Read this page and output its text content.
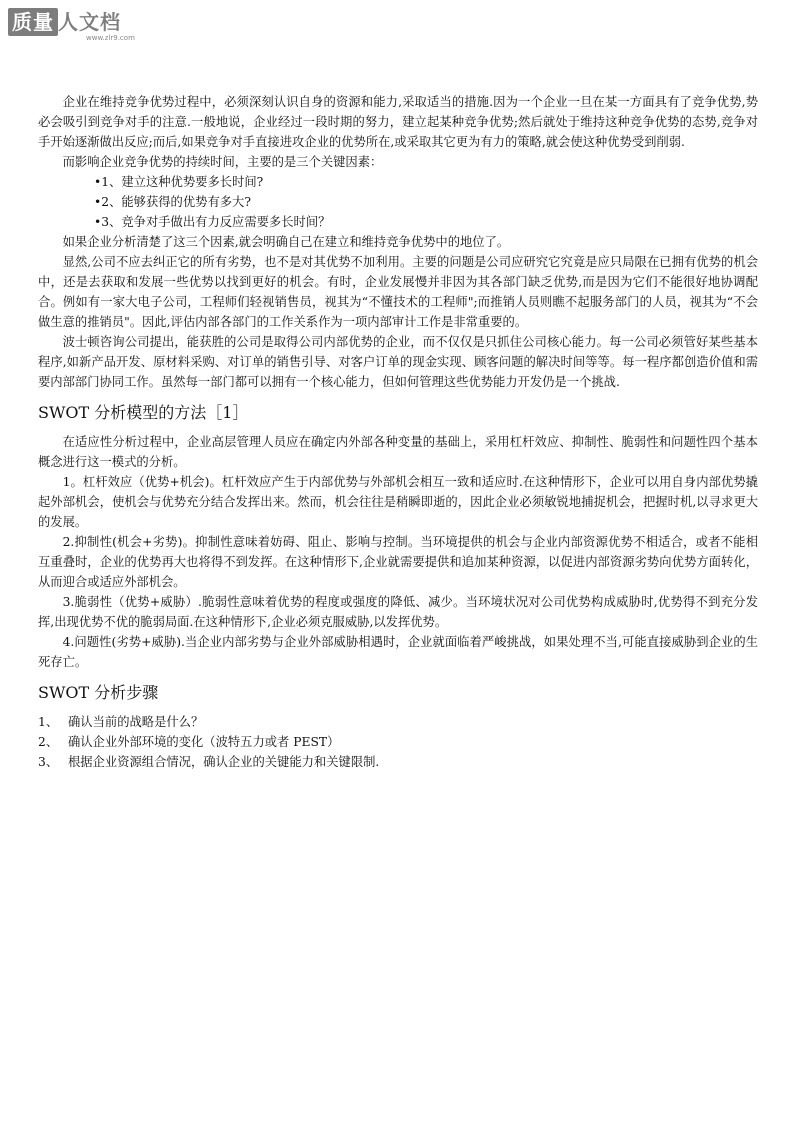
质量 人文档
www.zlr9.com

企业在维持竞争优势过程中，必须深刻认识自身的资源和能力,采取适当的措施.因为一个企业一旦在某一方面具有了竞争优势,势必会吸引到竞争对手的注意.一般地说，企业经过一段时期的努力，建立起某种竞争优势;然后就处于维持这种竞争优势的态势,竞争对手开始逐渐做出反应;而后,如果竞争对手直接进攻企业的优势所在,或采取其它更为有力的策略,就会使这种优势受到削弱.

而影响企业竞争优势的持续时间，主要的是三个关键因素：

•1、建立这种优势要多长时间?
•2、能够获得的优势有多大?
•3、竞争对手做出有力反应需要多长时间？

如果企业分析清楚了这三个因素,就会明确自己在建立和维持竞争优势中的地位了。

显然,公司不应去纠正它的所有劣势，也不是对其优势不加利用。主要的问题是公司应研究它究竟是应只局限在已拥有优势的机会中，还是去获取和发展一些优势以找到更好的机会。有时，企业发展慢并非因为其各部门缺乏优势,而是因为它们不能很好地协调配合。例如有一家大电子公司，工程师们轻视销售员，视其为“不懂技术的工程师";而推销人员则瞧不起服务部门的人员，视其为“不会做生意的推销员"。因此,评估内部各部门的工作关系作为一项内部审计工作是非常重要的。

波士顿咨询公司提出，能获胜的公司是取得公司内部优势的企业，而不仅仅是只抓住公司核心能力。每一公司必须管好某些基本程序,如新产品开发、原材料采购、对订单的销售引导、对客户订单的现金实现、顾客问题的解决时间等等。每一程序都创造价值和需要内部部门协同工作。虽然每一部门都可以拥有一个核心能力，但如何管理这些优势能力开发仍是一个挑战.

SWOT 分析模型的方法［1］

在适应性分析过程中，企业高层管理人员应在确定内外部各种变量的基础上，采用杠杆效应、抑制性、脆弱性和问题性四个基本概念进行这一模式的分析。

1。杠杆效应（优势+机会)。杠杆效应产生于内部优势与外部机会相互一致和适应时.在这种情形下，企业可以用自身内部优势撬起外部机会，使机会与优势充分结合发挥出来。然而，机会往往是稍瞬即逝的，因此企业必须敏锐地捕捉机会，把握时机,以寻求更大的发展。

2.抑制性(机会+劣势)。抑制性意味着妨碍、阻止、影响与控制。当环境提供的机会与企业内部资源优势不相适合，或者不能相互重叠时，企业的优势再大也将得不到发挥。在这种情形下,企业就需要提供和追加某种资源，以促进内部资源劣势向优势方面转化，从而迎合或适应外部机会。

3.脆弱性（优势+威胁）.脆弱性意味着优势的程度或强度的降低、减少。当环境状况对公司优势构成威胁时,优势得不到充分发挥,出现优势不优的脆弱局面.在这种情形下,企业必须克服威胁,以发挥优势。

4.问题性(劣势+威胁).当企业内部劣势与企业外部威胁相遇时，企业就面临着严峻挑战，如果处理不当,可能直接威胁到企业的生死存亡。

SWOT 分析步骤
1、 确认当前的战略是什么？
2、 确认企业外部环境的变化（波特五力或者 PEST）
3、 根据企业资源组合情况，确认企业的关键能力和关键限制.
